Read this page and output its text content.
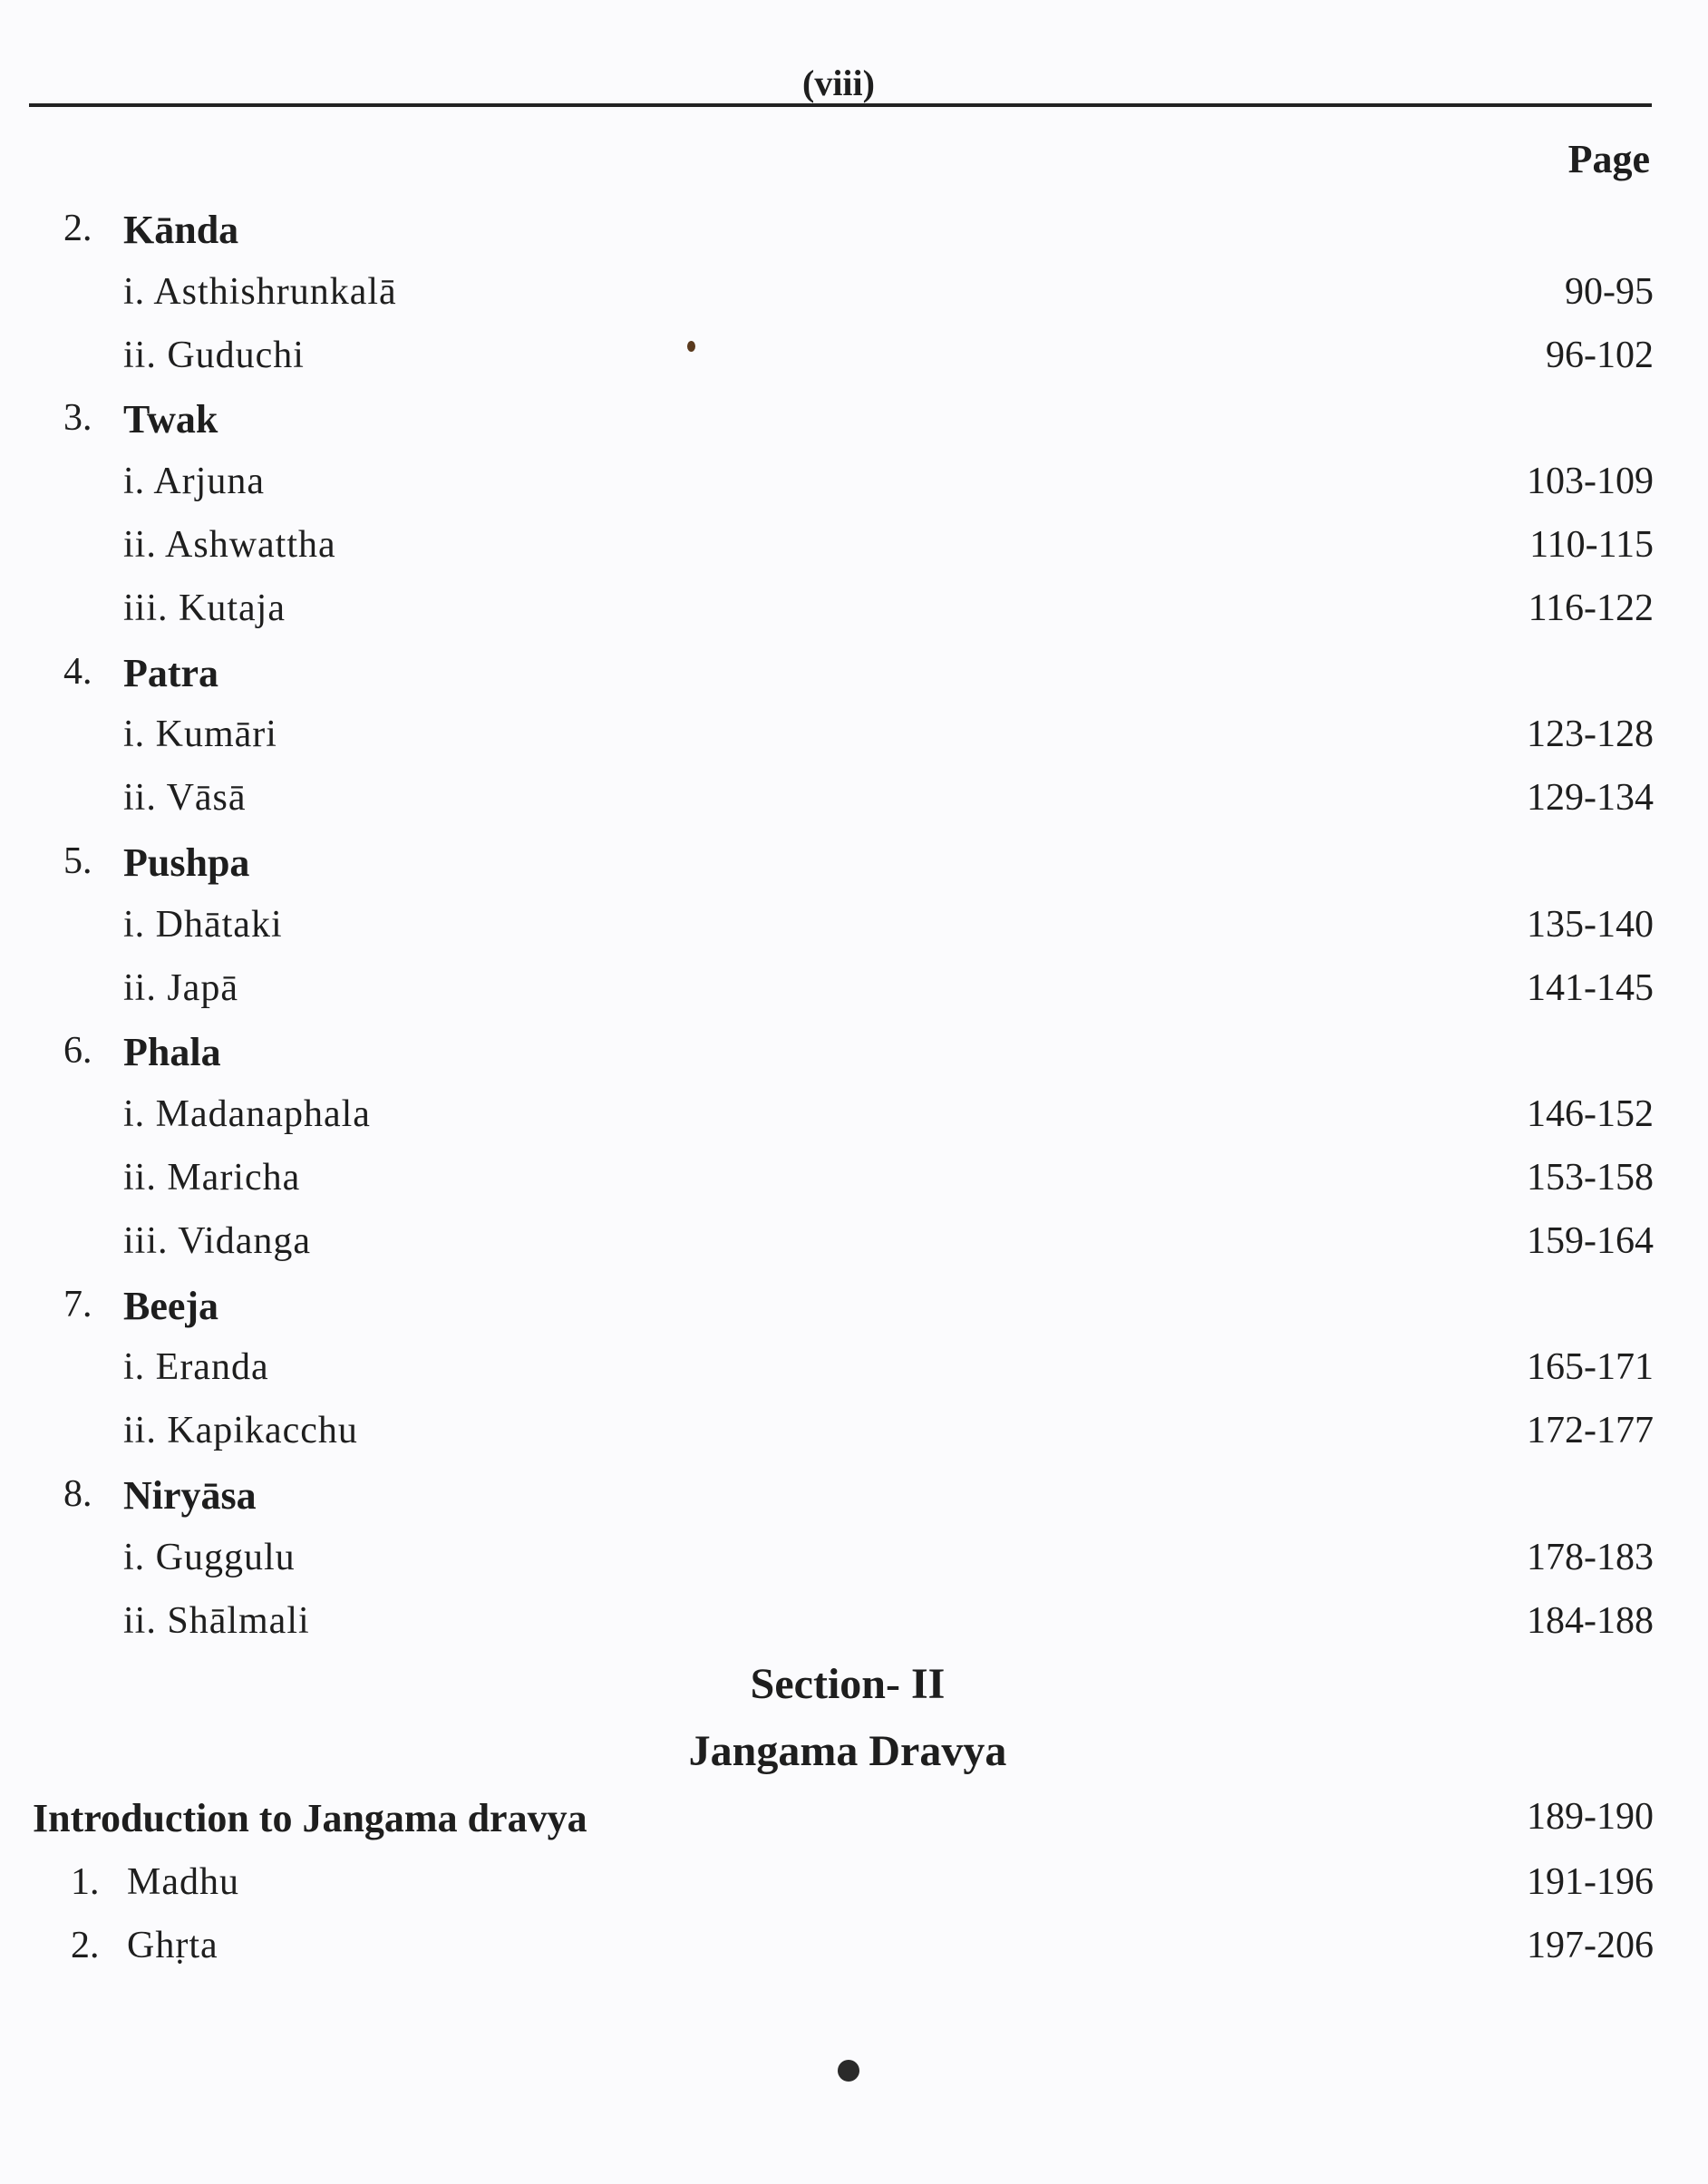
(viii)
Page
2. Kānda
i. Asthishrunkalā	90-95
ii. Guduchi	96-102
3. Twak
i. Arjuna	103-109
ii. Ashwattha	110-115
iii. Kutaja	116-122
4. Patra
i. Kumāri	123-128
ii. Vāsā	129-134
5. Pushpa
i. Dhātaki	135-140
ii. Japā	141-145
6. Phala
i. Madanaphala	146-152
ii. Maricha	153-158
iii. Vidanga	159-164
7. Beeja
i. Eranda	165-171
ii. Kapikacchu	172-177
8. Niryāsa
i. Guggulu	178-183
ii. Shālmali	184-188
Section- II
Jangama Dravya
Introduction to Jangama dravya	189-190
1. Madhu	191-196
2. Ghṛta	197-206
